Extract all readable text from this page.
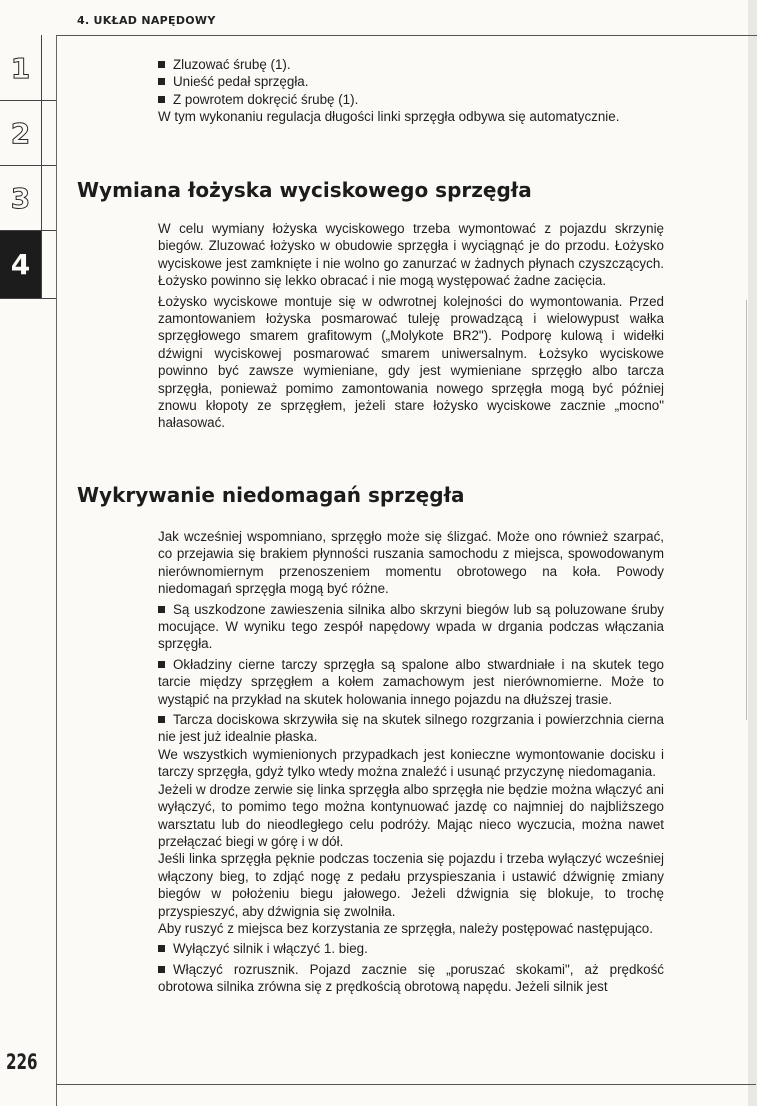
4. UKŁAD NAPĘDOWY
1
2
3
4

Zluzować śrubę (1).

Unieść pedał sprzęgła.

Z powrotem dokręcić śrubę (1).

W tym wykonaniu regulacja długości linki sprzęgła odbywa się automatycznie.

Wymiana łożyska wyciskowego sprzęgła

W celu wymiany łożyska wyciskowego trzeba wymontować z pojazdu skrzynię biegów. Zluzować łożysko w obudowie sprzęgła i wyciągnąć je do przodu. Łożysko wyciskowe jest zamknięte i nie wolno go zanurzać w żadnych płynach czyszczących. Łożysko powinno się lekko obracać i nie mogą występować żadne zacięcia.

Łożysko wyciskowe montuje się w odwrotnej kolejności do wymontowania. Przed zamontowaniem łożyska posmarować tuleję prowadzącą i wielowypust wałka sprzęgłowego smarem grafitowym („Molykote BR2"). Podporę kulową i widełki dźwigni wyciskowej posmarować smarem uniwersalnym. Łożsyko wyciskowe powinno być zawsze wymieniane, gdy jest wymieniane sprzęgło albo tarcza sprzęgła, ponieważ pomimo zamontowania nowego sprzęgła mogą być później znowu kłopoty ze sprzęgłem, jeżeli stare łożysko wyciskowe zacznie „mocno" hałasować.

Wykrywanie niedomagań sprzęgła

Jak wcześniej wspomniano, sprzęgło może się ślizgać. Może ono również szarpać, co przejawia się brakiem płynności ruszania samochodu z miejsca, spowodowanym nierównomiernym przenoszeniem momentu obrotowego na koła. Powody niedomagań sprzęgła mogą być różne.

Są uszkodzone zawieszenia silnika albo skrzyni biegów lub są poluzowane śruby mocujące. W wyniku tego zespół napędowy wpada w drgania podczas włączania sprzęgła.

Okładziny cierne tarczy sprzęgła są spalone albo stwardniałe i na skutek tego tarcie między sprzęgłem a kołem zamachowym jest nierównomierne. Może to wystąpić na przykład na skutek holowania innego pojazdu na dłuższej trasie.

Tarcza dociskowa skrzywiła się na skutek silnego rozgrzania i powierzchnia cierna nie jest już idealnie płaska.

We wszystkich wymienionych przypadkach jest konieczne wymontowanie docisku i tarczy sprzęgła, gdyż tylko wtedy można znaleźć i usunąć przyczynę niedomagania.

Jeżeli w drodze zerwie się linka sprzęgła albo sprzęgła nie będzie można włączyć ani wyłączyć, to pomimo tego można kontynuować jazdę co najmniej do najbliższego warsztatu lub do nieodległego celu podróży. Mając nieco wyczucia, można nawet przełączać biegi w górę i w dół.

Jeśli linka sprzęgła pęknie podczas toczenia się pojazdu i trzeba wyłączyć wcześniej włączony bieg, to zdjąć nogę z pedału przyspieszania i ustawić dźwignię zmiany biegów w położeniu biegu jałowego. Jeżeli dźwignia się blokuje, to trochę przyspieszyć, aby dźwignia się zwolniła.

Aby ruszyć z miejsca bez korzystania ze sprzęgła, należy postępować następująco.

Wyłączyć silnik i włączyć 1. bieg.

Włączyć rozrusznik. Pojazd zacznie się „poruszać skokami", aż prędkość obrotowa silnika zrówna się z prędkością obrotową napędu. Jeżeli silnik jest

226
